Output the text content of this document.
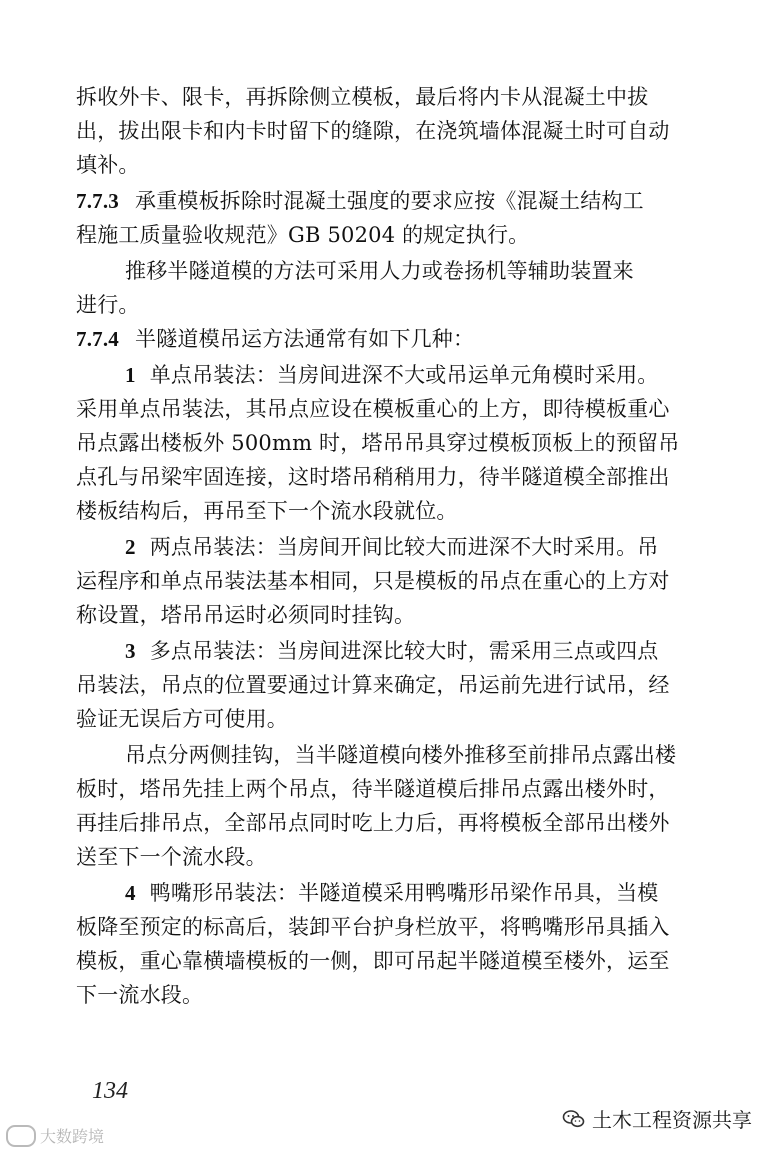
拆收外卡、限卡，再拆除侧立模板，最后将内卡从混凝土中拔
出，拔出限卡和内卡时留下的缝隙，在浇筑墙体混凝土时可自动
填补。
7.7.3 承重模板拆除时混凝土强度的要求应按《混凝土结构工
程施工质量验收规范》GB 50204 的规定执行。
推移半隧道模的方法可采用人力或卷扬机等辅助装置来
进行。
7.7.4 半隧道模吊运方法通常有如下几种：
1 单点吊装法：当房间进深不大或吊运单元角模时采用。
采用单点吊装法，其吊点应设在模板重心的上方，即待模板重心
吊点露出楼板外 500mm 时，塔吊吊具穿过模板顶板上的预留吊
点孔与吊梁牢固连接，这时塔吊稍稍用力，待半隧道模全部推出
楼板结构后，再吊至下一个流水段就位。
2 两点吊装法：当房间开间比较大而进深不大时采用。吊
运程序和单点吊装法基本相同，只是模板的吊点在重心的上方对
称设置，塔吊吊运时必须同时挂钩。
3 多点吊装法：当房间进深比较大时，需采用三点或四点
吊装法，吊点的位置要通过计算来确定，吊运前先进行试吊，经
验证无误后方可使用。
吊点分两侧挂钩，当半隧道模向楼外推移至前排吊点露出楼
板时，塔吊先挂上两个吊点，待半隧道模后排吊点露出楼外时，
再挂后排吊点，全部吊点同时吃上力后，再将模板全部吊出楼外
送至下一个流水段。
4 鸭嘴形吊装法：半隧道模采用鸭嘴形吊梁作吊具，当模
板降至预定的标高后，装卸平台护身栏放平，将鸭嘴形吊具插入
模板，重心靠横墙模板的一侧，即可吊起半隧道模至楼外，运至
下一流水段。
134
大数跨境
土木工程资源共享
